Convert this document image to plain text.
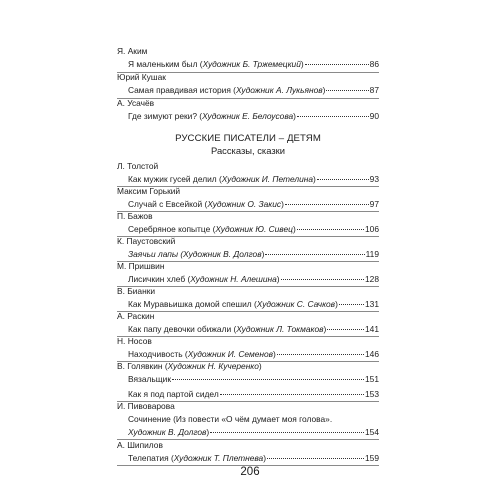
Я. Аким
Я маленьким был (Художник Б. Тржемецкий)	86
Юрий Кушак
Самая правдивая история (Художник А. Лукьянов)	87
А. Усачёв
Где зимуют реки? (Художник Е. Белоусова)	90
РУССКИЕ ПИСАТЕЛИ – ДЕТЯМ
Рассказы, сказки
Л. Толстой
Как мужик гусей делил (Художник И. Петелина)	93
Максим Горький
Случай с Евсейкой (Художник О. Закис)	97
П. Бажов
Серебряное копытце (Художник Ю. Сивец)	106
К. Паустовский
Заячьи лапы (Художник В. Долгов)	119
М. Пришвин
Лисичкин хлеб (Художник Н. Алешина)	128
В. Бианки
Как Муравьишка домой спешил (Художник С. Сачков)	131
А. Раскин
Как папу девочки обижали (Художник Л. Токмаков)	141
Н. Носов
Находчивость (Художник И. Семенов)	146
В. Голявкин (Художник Н. Кучеренко)
Вязальщик	151
Как я под партой сидел	153
И. Пивоварова
Сочинение (Из повести «О чём думает моя голова».
Художник В. Долгов)	154
А. Шипилов
Телепатия (Художник Т. Плетнева)	159
206
